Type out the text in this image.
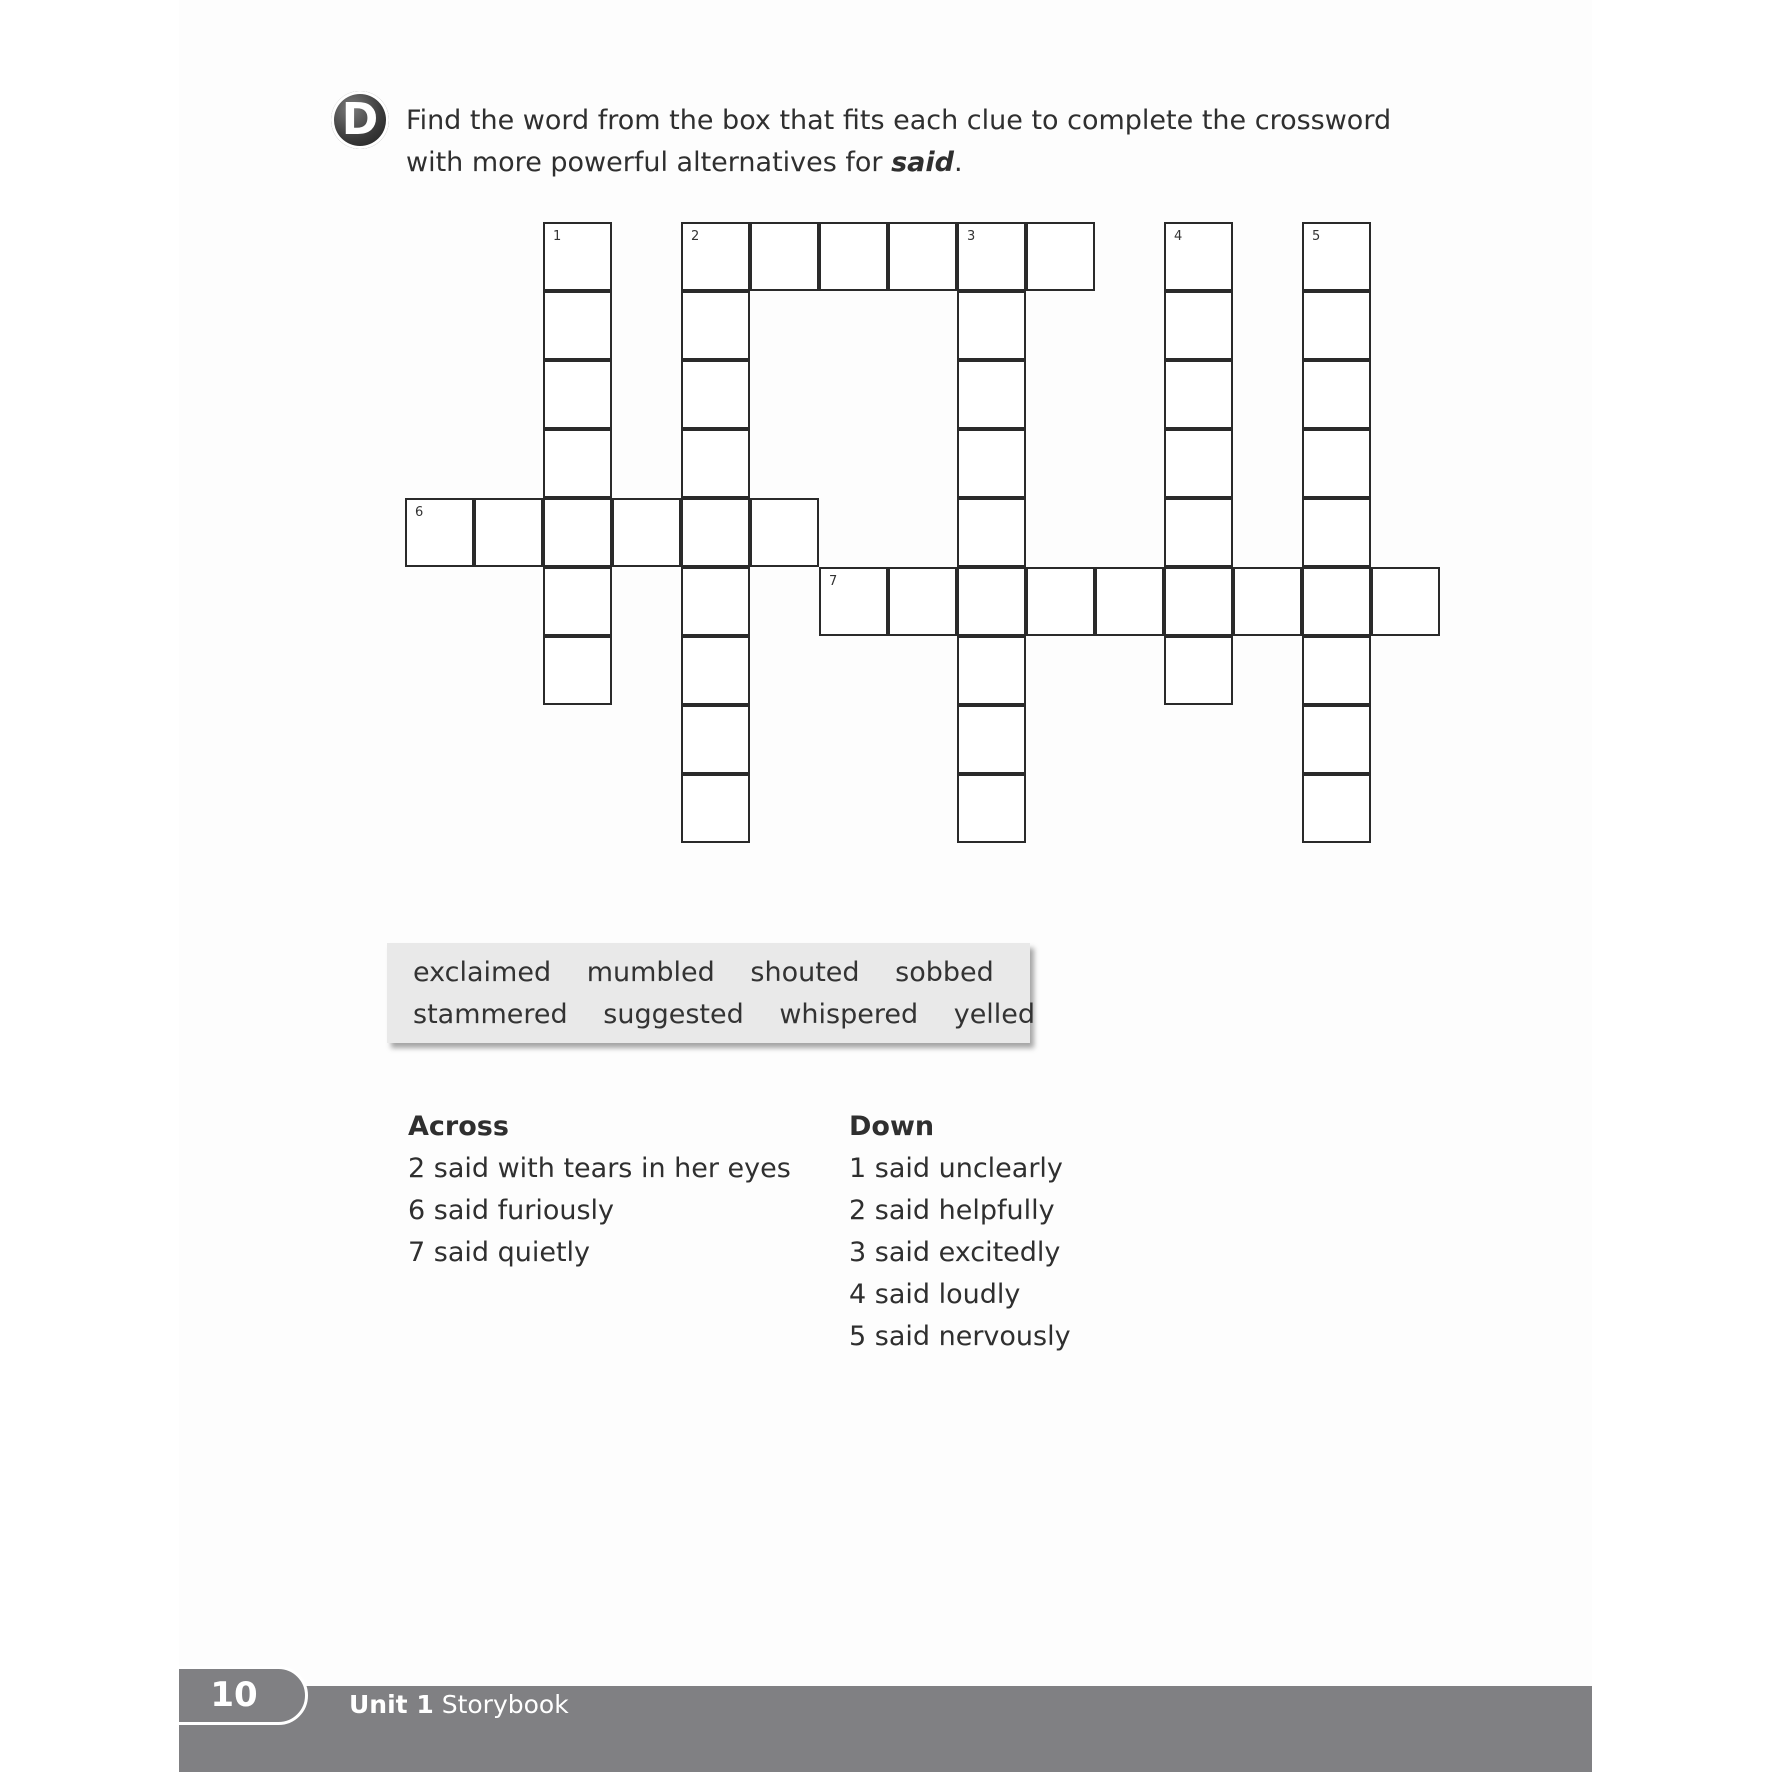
D	Find the word from the box that fits each clue to complete the crossword with more powerful alternatives for said.
1	2	3	4	5
6
7
exclaimed mumbled shouted sobbed
stammered suggested whispered yelled
Across
2 said with tears in her eyes
6 said furiously
7 said quietly
Down
1 said unclearly
2 said helpfully
3 said excitedly
4 said loudly
5 said nervously
10	Unit 1 Storybook
